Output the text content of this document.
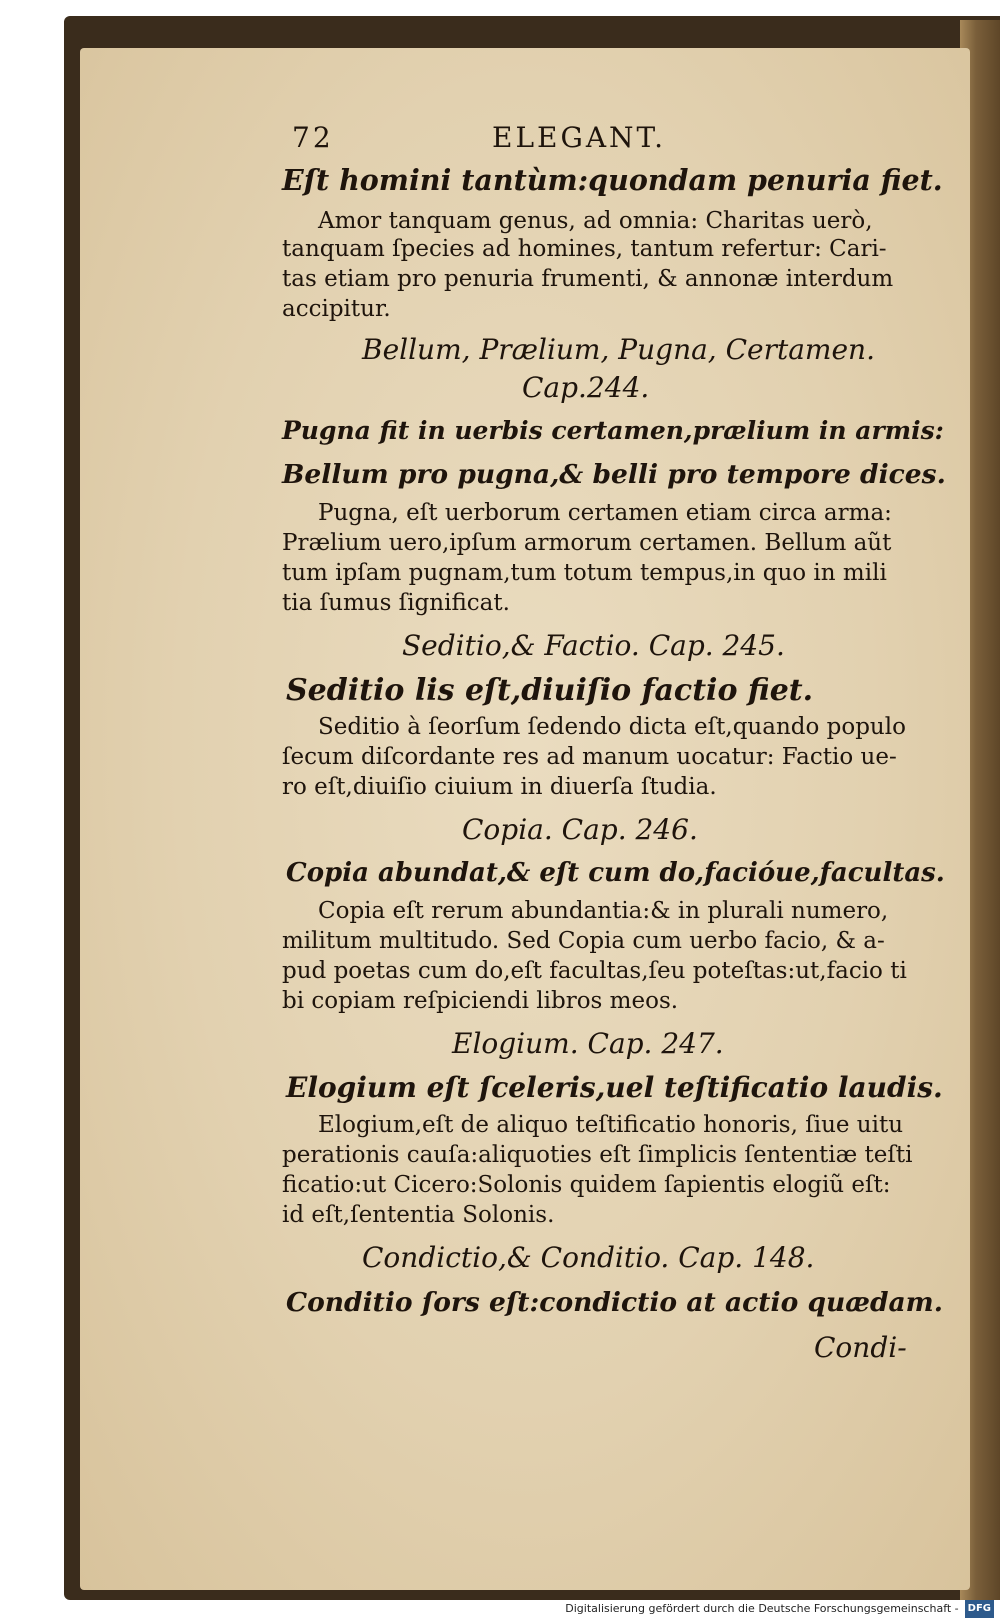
72	ELEGANT.
Eſt homini tantùm:quondam penuria fiet.
Amor tanquam genus, ad omnia: Charitas uerò,
tanquam ſpecies ad homines, tantum refertur: Cari-
tas etiam pro penuria frumenti, & annonæ interdum
accipitur.
Bellum, Prælium, Pugna, Certamen.
Cap.244.
Pugna fit in uerbis certamen,prælium in armis:
Bellum pro pugna,& belli pro tempore dices.
Pugna, eſt uerborum certamen etiam circa arma:
Prælium uero,ipſum armorum certamen. Bellum aũt
tum ipſam pugnam,tum totum tempus,in quo in mili
tia ſumus ſignificat.
Seditio,& Factio. Cap. 245.
Seditio lis eſt,diuiſio factio fiet.
Seditio à ſeorſum ſedendo dicta eſt,quando populo
ſecum diſcordante res ad manum uocatur: Factio ue-
ro eſt,diuiſio ciuium in diuerſa ſtudia.
Copia. Cap. 246.
Copia abundat,& eſt cum do,facióue,facultas.
Copia eſt rerum abundantia:& in plurali numero,
militum multitudo. Sed Copia cum uerbo facio, & a-
pud poetas cum do,eſt facultas,ſeu poteſtas:ut,facio ti
bi copiam reſpiciendi libros meos.
Elogium. Cap. 247.
Elogium eſt ſceleris,uel teſtificatio laudis.
Elogium,eſt de aliquo teſtificatio honoris, ſiue uitu
perationis cauſa:aliquoties eſt ſimplicis ſententiæ teſti
ficatio:ut Cicero:Solonis quidem ſapientis elogiũ eſt:
id eſt,ſententia Solonis.
Condictio,& Conditio. Cap. 148.
Conditio ſors eſt:condictio at actio quædam.
Condi-
Digitalisierung gefördert durch die Deutsche Forschungsgemeinschaft - DFG
